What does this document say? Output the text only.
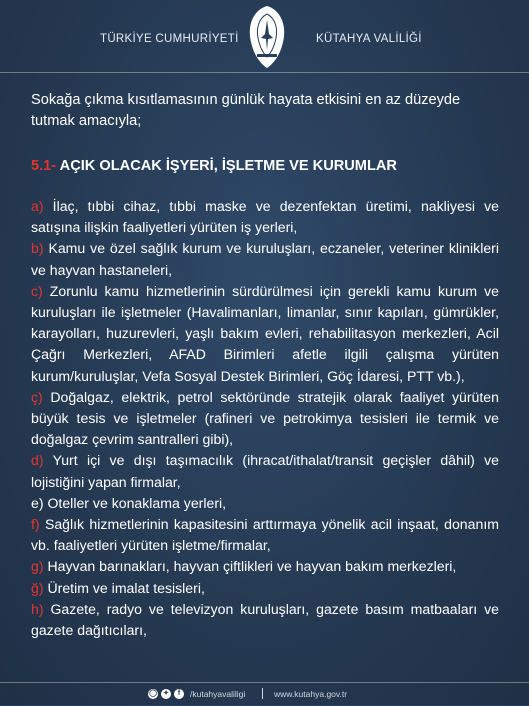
TÜRKİYE CUMHURİYETİ	KÜTAHYA VALİLİĞİ

Sokağa çıkma kısıtlamasının günlük hayata etkisini en az düzeyde tutmak amacıyla;

5.1- AÇIK OLACAK İŞYERİ, İŞLETME VE KURUMLAR
a) İlaç, tıbbi cihaz, tıbbi maske ve dezenfektan üretimi, nakliyesi ve satışına ilişkin faaliyetleri yürüten iş yerleri,
b) Kamu ve özel sağlık kurum ve kuruluşları, eczaneler, veteriner klinikleri ve hayvan hastaneleri,
c) Zorunlu kamu hizmetlerinin sürdürülmesi için gerekli kamu kurum ve kuruluşları ile işletmeler (Havalimanları, limanlar, sınır kapıları, gümrükler, karayolları, huzurevleri, yaşlı bakım evleri, rehabilitasyon merkezleri, Acil Çağrı Merkezleri, AFAD Birimleri afetle ilgili çalışma yürüten kurum/kuruluşlar, Vefa Sosyal Destek Birimleri, Göç İdaresi, PTT vb.),
ç) Doğalgaz, elektrik, petrol sektöründe stratejik olarak faaliyet yürüten büyük tesis ve işletmeler (rafineri ve petrokimya tesisleri ile termik ve doğalgaz çevrim santralleri gibi),
d) Yurt içi ve dışı taşımacılık (ihracat/ithalat/transit geçişler dâhil) ve lojistiğini yapan firmalar,
e) Oteller ve konaklama yerleri,
f) Sağlık hizmetlerinin kapasitesini arttırmaya yönelik acil inşaat, donanım vb. faaliyetleri yürüten işletme/firmalar,
g) Hayvan barınakları, hayvan çiftlikleri ve hayvan bakım merkezleri,
ğ) Üretim ve imalat tesisleri,
h) Gazete, radyo ve televizyon kuruluşları, gazete basım matbaaları ve gazete dağıtıcıları,
◯ ✦	f	/kutahyavaliligi	www.kutahya.gov.tr
